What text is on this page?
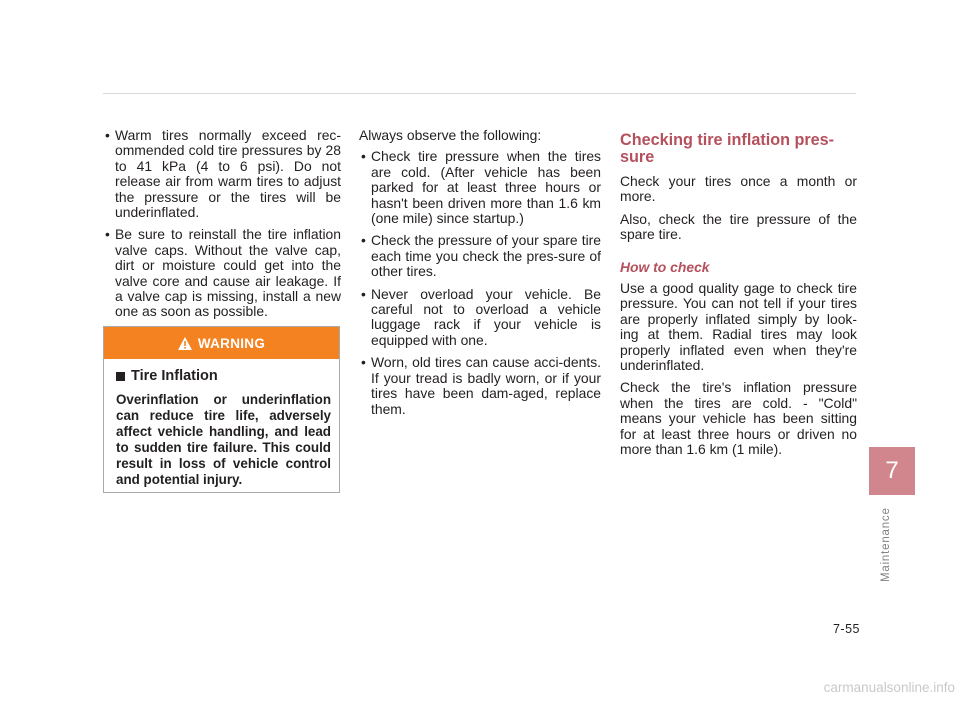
• Warm tires normally exceed rec-ommended cold tire pressures by 28 to 41 kPa (4 to 6 psi). Do not release air from warm tires to adjust the pressure or the tires will be underinflated.
• Be sure to reinstall the tire inflation valve caps. Without the valve cap, dirt or moisture could get into the valve core and cause air leakage. If a valve cap is missing, install a new one as soon as possible.
WARNING
Tire Inflation

Overinflation or underinflation can reduce tire life, adversely affect vehicle handling, and lead to sudden tire failure. This could result in loss of vehicle control and potential injury.

Always observe the following:

• Check tire pressure when the tires are cold. (After vehicle has been parked for at least three hours or hasn't been driven more than 1.6 km (one mile) since startup.)
• Check the pressure of your spare tire each time you check the pres-sure of other tires.
• Never overload your vehicle. Be careful not to overload a vehicle luggage rack if your vehicle is equipped with one.
• Worn, old tires can cause acci-dents. If your tread is badly worn, or if your tires have been dam-aged, replace them.
Checking tire inflation pres-sure

Check your tires once a month or more.

Also, check the tire pressure of the spare tire.

How to check

Use a good quality gage to check tire pressure. You can not tell if your tires are properly inflated simply by look-ing at them. Radial tires may look properly inflated even when they're underinflated.

Check the tire's inflation pressure when the tires are cold. - "Cold" means your vehicle has been sitting for at least three hours or driven no more than 1.6 km (1 mile).

7
Maintenance
7-55
carmanualsonline.info
